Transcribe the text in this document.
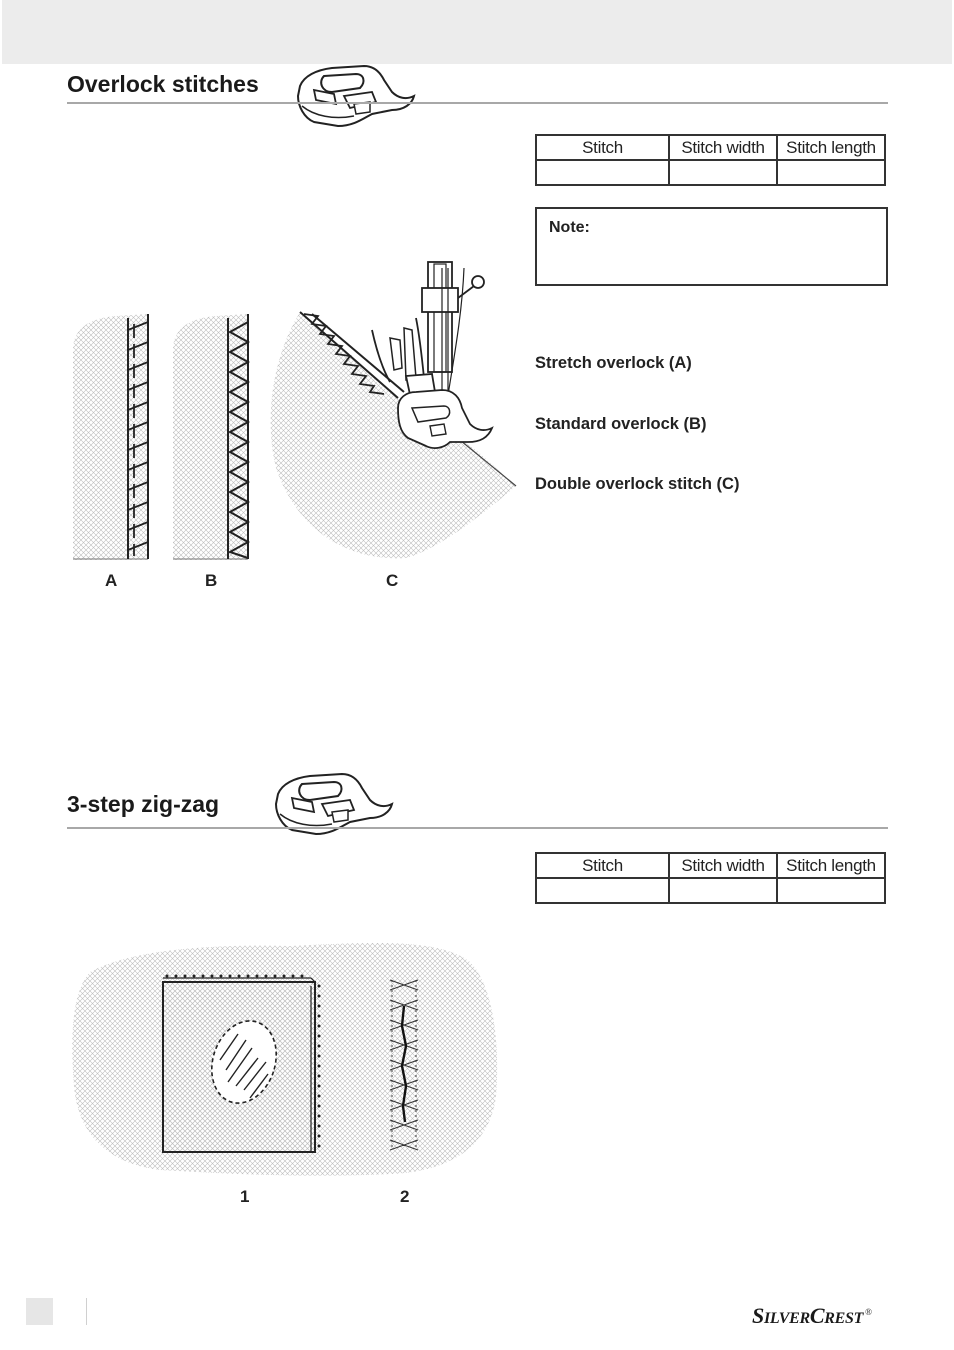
Overlock stitches
Stitch	Stitch width	Stitch length

Note:
Stretch overlock (A)
Standard overlock (B)
Double overlock stitch (C)
A	B	C
3-step zig-zag
Stitch	Stitch width	Stitch length

1	2
SILVERCREST ®
